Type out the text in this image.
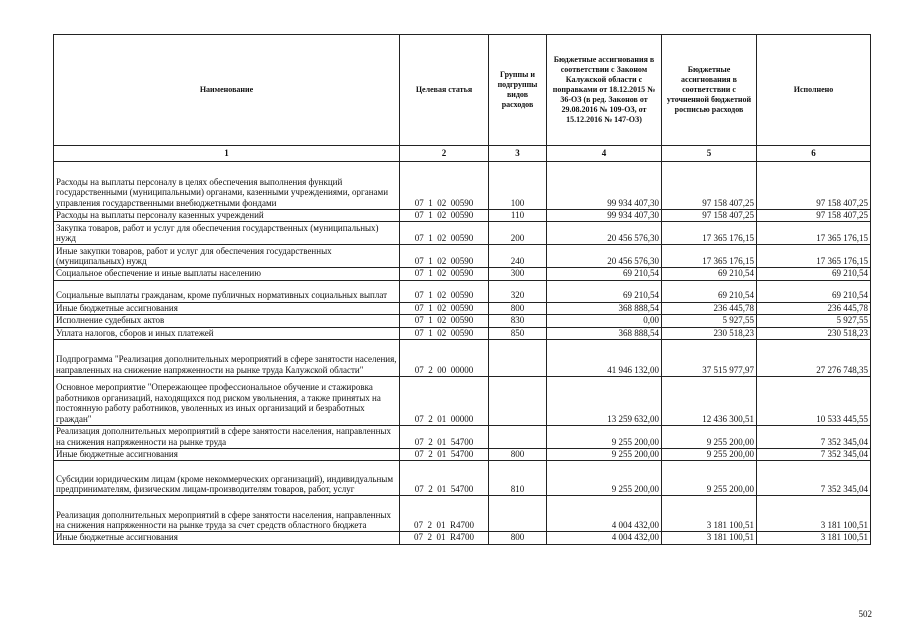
Наименование	Целевая статья	Группы и подгруппы видов расходов	Бюджетные ассигнования в соответствии с Законом Калужской области с поправками от 18.12.2015 № 36-ОЗ (в ред. Законов от 29.08.2016 № 109-ОЗ, от 15.12.2016 № 147-ОЗ)	Бюджетные ассигнования в соответствии с уточненной бюджетной росписью расходов	Исполнено
1	2	3	4	5	6
Расходы на выплаты персоналу в целях обеспечения выполнения функций государственными (муниципальными) органами, казенными учреждениями, органами управления государственными внебюджетными фондами	07  1  02  00590	100	99 934 407,30	97 158 407,25	97 158 407,25
Расходы на выплаты персоналу казенных учреждений	07  1  02  00590	110	99 934 407,30	97 158 407,25	97 158 407,25
Закупка товаров, работ и услуг для обеспечения государственных (муниципальных) нужд	07  1  02  00590	200	20 456 576,30	17 365 176,15	17 365 176,15
Иные закупки товаров, работ и услуг для обеспечения государственных (муниципальных) нужд	07  1  02  00590	240	20 456 576,30	17 365 176,15	17 365 176,15
Социальное обеспечение и иные выплаты населению	07  1  02  00590	300	69 210,54	69 210,54	69 210,54
Социальные выплаты гражданам, кроме публичных нормативных социальных выплат	07  1  02  00590	320	69 210,54	69 210,54	69 210,54
Иные бюджетные ассигнования	07  1  02  00590	800	368 888,54	236 445,78	236 445,78
Исполнение судебных актов	07  1  02  00590	830	0,00	5 927,55	5 927,55
Уплата налогов, сборов и иных платежей	07  1  02  00590	850	368 888,54	230 518,23	230 518,23
Подпрограмма "Реализация дополнительных мероприятий в сфере занятости населения, направленных на снижение напряженности на рынке труда Калужской области"	07  2  00  00000		41 946 132,00	37 515 977,97	27 276 748,35
Основное мероприятие "Опережающее профессиональное обучение и стажировка работников организаций, находящихся под риском увольнения, а также принятых на постоянную работу работников, уволенных из иных организаций и безработных граждан"	07  2  01  00000		13 259 632,00	12 436 300,51	10 533 445,55
Реализация дополнительных мероприятий в сфере занятости населения, направленных на снижения напряженности на рынке труда	07  2  01  54700		9 255 200,00	9 255 200,00	7 352 345,04
Иные бюджетные ассигнования	07  2  01  54700	800	9 255 200,00	9 255 200,00	7 352 345,04
Субсидии юридическим лицам (кроме некоммерческих организаций), индивидуальным предпринимателям, физическим лицам-производителям товаров, работ, услуг	07  2  01  54700	810	9 255 200,00	9 255 200,00	7 352 345,04
Реализация дополнительных мероприятий в сфере занятости населения, направленных на снижения напряженности на рынке труда за счет средств областного бюджета	07  2  01  R4700		4 004 432,00	3 181 100,51	3 181 100,51
Иные бюджетные ассигнования	07  2  01  R4700	800	4 004 432,00	3 181 100,51	3 181 100,51
502
